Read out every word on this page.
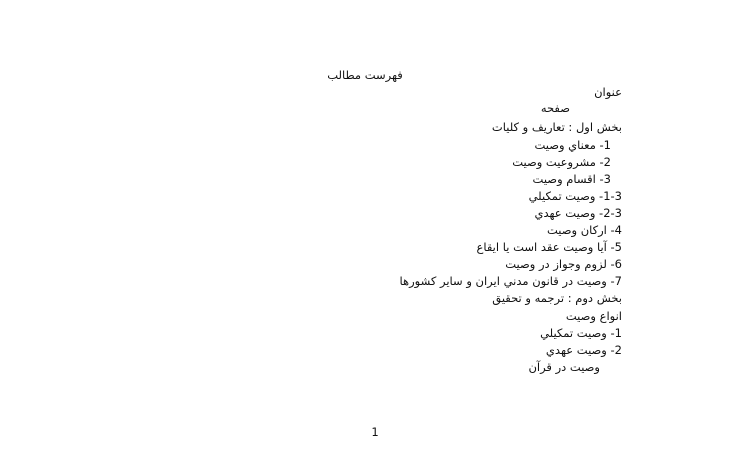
فهرست مطالب
عنوان
صفحه
بخش اول : تعاريف و كليات
1- معناي وصيت
2- مشروعيت وصيت
3- اقسام وصيت
1-3- وصيت تمكيلي
2-3- وصيت عهدي
4- اركان وصيت
5- آيا وصيت عقد است يا ايقاع
6- لزوم وجواز در وصيت
7- وصيت در قانون مدني ايران و ساير كشورها
بخش دوم : ترجمه و تحقيق
انواع وصيت
1- وصيت تمكيلي
2- وصيت عهدي
وصيت در قرآن
1
